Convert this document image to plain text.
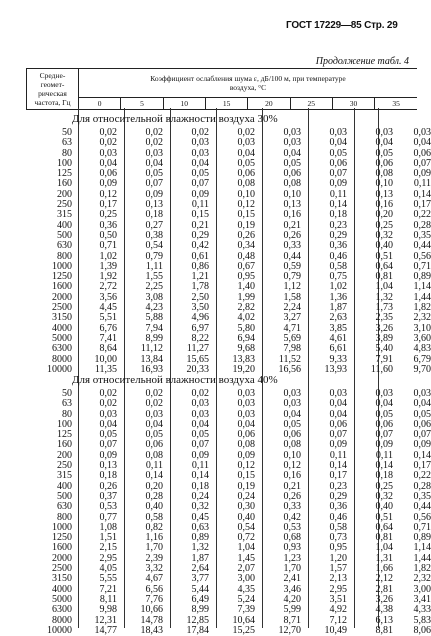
ГОСТ 17229—85 Стр. 29
Продолжение табл. 4
Средне-
геомет-
рическая
частота, Гц	Коэффициент ослабления шума ε, дБ/100 м, при температуре
воздуха, °С							
	0	5	10	15	20	25	30	35
Для относительной влажности воздуха 30%
50	0,02	0,02	0,02	0,02	0,03	0,03	0,03	0,03
63	0,02	0,02	0,03	0,03	0,03	0,04	0,04	0,04
80	0,03	0,03	0,03	0,04	0,04	0,05	0,05	0,06
100	0,04	0,04	0,04	0,05	0,05	0,06	0,06	0,07
125	0,06	0,05	0,05	0,06	0,06	0,07	0,08	0,09
160	0,09	0,07	0,07	0,08	0,08	0,09	0,10	0,11
200	0,12	0,09	0,09	0,10	0,10	0,11	0,13	0,14
250	0,17	0,13	0,11	0,12	0,13	0,14	0,16	0,17
315	0,25	0,18	0,15	0,15	0,16	0,18	0,20	0,22
400	0,36	0,27	0,21	0,19	0,21	0,23	0,25	0,28
500	0,50	0,38	0,29	0,26	0,26	0,29	0,32	0,35
630	0,71	0,54	0,42	0,34	0,33	0,36	0,40	0,44
800	1,02	0,79	0,61	0,48	0,44	0,46	0,51	0,56
1000	1,39	1,11	0,86	0,67	0,59	0,58	0,64	0,71
1250	1,92	1,55	1,21	0,95	0,79	0,75	0,81	0,89
1600	2,72	2,25	1,78	1,40	1,12	1,02	1,04	1,14
2000	3,56	3,08	2,50	1,99	1,58	1,36	1,32	1,44
2500	4,45	4,23	3,50	2,82	2,24	1,87	1,73	1,82
3150	5,51	5,88	4,96	4,02	3,27	2,63	2,35	2,32
4000	6,76	7,94	6,97	5,80	4,71	3,85	3,26	3,10
5000	7,41	8,99	8,22	6,94	5,69	4,61	3,89	3,60
6300	8,64	11,12	11,27	9,68	7,98	6,61	5,40	4,83
8000	10,00	13,84	15,65	13,83	11,52	9,33	7,91	6,79
10000	11,35	16,93	20,33	19,20	16,56	13,93	11,60	9,70
Для относительной влажности воздуха 40%
50	0,02	0,02	0,02	0,03	0,03	0,03	0,03	0,03
63	0,02	0,02	0,03	0,03	0,03	0,04	0,04	0,04
80	0,03	0,03	0,03	0,03	0,04	0,04	0,05	0,05
100	0,04	0,04	0,04	0,04	0,05	0,06	0,06	0,06
125	0,05	0,05	0,05	0,06	0,06	0,07	0,07	0,07
160	0,07	0,06	0,07	0,08	0,08	0,09	0,09	0,09
200	0,09	0,08	0,09	0,09	0,10	0,11	0,11	0,14
250	0,13	0,11	0,11	0,12	0,12	0,14	0,14	0,17
315	0,18	0,14	0,14	0,15	0,16	0,17	0,18	0,22
400	0,26	0,20	0,18	0,19	0,21	0,23	0,25	0,28
500	0,37	0,28	0,24	0,24	0,26	0,29	0,32	0,35
630	0,53	0,40	0,32	0,30	0,33	0,36	0,40	0,44
800	0,77	0,58	0,45	0,40	0,42	0,46	0,51	0,56
1000	1,08	0,82	0,63	0,54	0,53	0,58	0,64	0,71
1250	1,51	1,16	0,89	0,72	0,68	0,73	0,81	0,89
1600	2,15	1,70	1,32	1,04	0,93	0,95	1,04	1,14
2000	2,95	2,39	1,87	1,45	1,23	1,20	1,31	1,44
2500	4,05	3,32	2,64	2,07	1,70	1,57	1,66	1,82
3150	5,55	4,67	3,77	3,00	2,41	2,13	2,12	2,32
4000	7,21	6,56	5,44	4,35	3,46	2,95	2,81	3,00
5000	8,11	7,76	6,49	5,24	4,20	3,51	3,26	3,41
6300	9,98	10,66	8,99	7,39	5,99	4,92	4,38	4,33
8000	12,31	14,78	12,85	10,64	8,71	7,12	6,13	5,83
10000	14,77	18,43	17,84	15,25	12,70	10,49	8,81	8,06
